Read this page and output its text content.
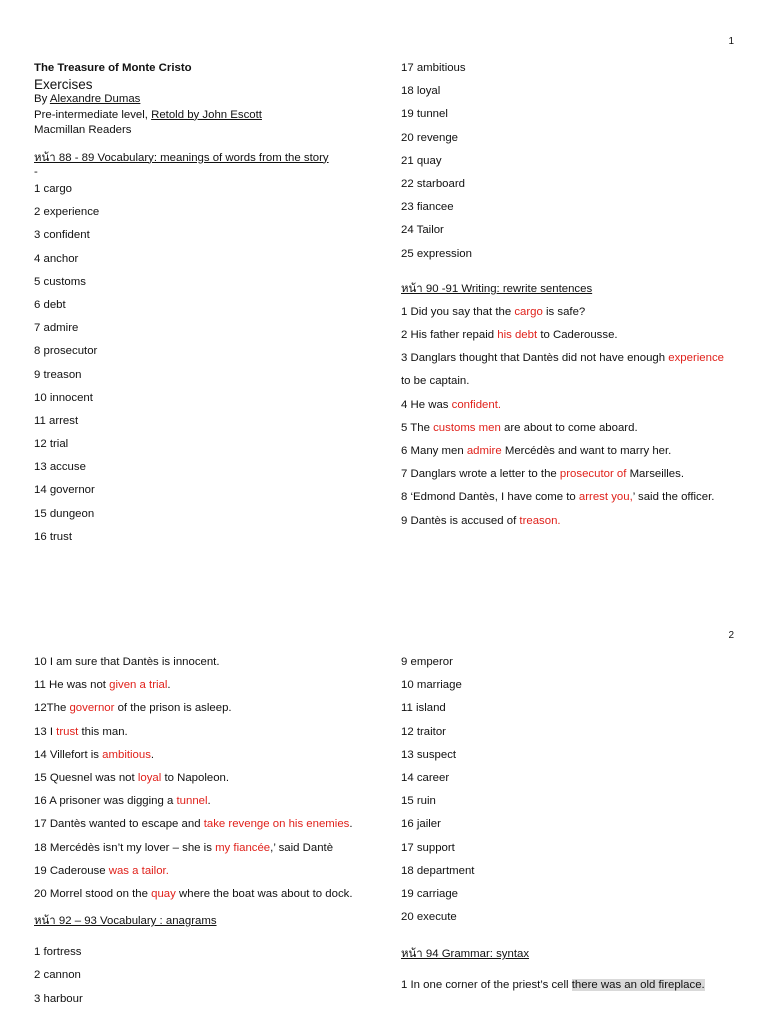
1
The Treasure of Monte Cristo
Exercises
By Alexandre Dumas
Pre-intermediate level, Retold by John Escott
Macmillan Readers
หน้า 88 - 89 Vocabulary: meanings of words from the story
-
1 cargo
2 experience
3 confident
4 anchor
5 customs
6 debt
7 admire
8 prosecutor
9 treason
10 innocent
11 arrest
12 trial
13 accuse
14 governor
15 dungeon
16 trust
17 ambitious
18 loyal
19 tunnel
20 revenge
21 quay
22 starboard
23 fiancee
24 Tailor
25 expression
หน้า 90 -91 Writing: rewrite sentences
1 Did you say that the cargo is safe?
2 His father repaid his debt to Caderousse.
3 Danglars thought that Dantès did not have enough experience
to be captain.
4 He was confident.
5 The customs men are about to come aboard.
6 Many men admire Mercédès and want to marry her.
7 Danglars wrote a letter to the prosecutor of Marseilles.
8 ‘Edmond Dantès, I have come to arrest you,’ said the officer.
9 Dantès is accused of treason.
2
10 I am sure that Dantès is innocent.
11 He was not given a trial.
12The governor of the prison is asleep.
13 I trust this man.
14 Villefort is ambitious.
15 Quesnel was not loyal to Napoleon.
16 A prisoner was digging a tunnel.
17 Dantès wanted to escape and take revenge on his enemies.
18 Mercédès isn’t my lover – she is my fiancée,’ said Dantè
19 Caderouse was a tailor.
20 Morrel stood on the quay where the boat was about to dock.
หน้า 92 – 93 Vocabulary : anagrams
1 fortress
2 cannon
3 harbour
9 emperor
10 marriage
11 island
12 traitor
13 suspect
14 career
15 ruin
16 jailer
17 support
18 department
19 carriage
20 execute
หน้า 94 Grammar: syntax
1 In one corner of the priest’s cell there was an old fireplace.
